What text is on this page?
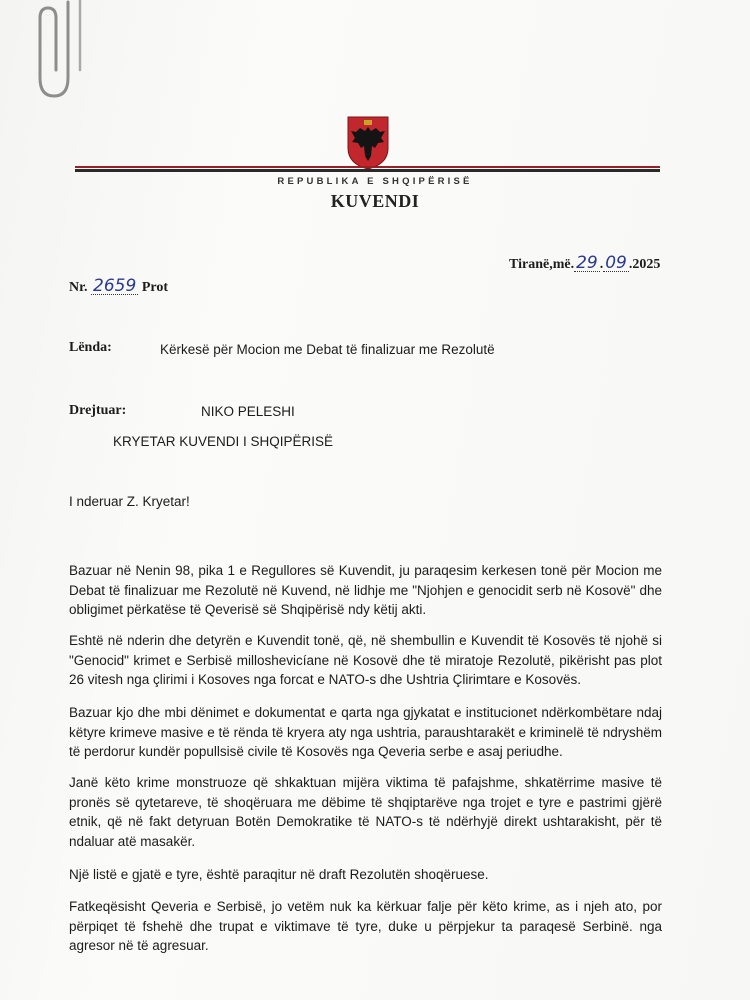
REPUBLIKA E SHQIPËRISË
KUVENDI
Tiranë,më. 29 . 09 .2025
Nr. 2659 Prot
Lënda:	Kërkesë për Mocion me Debat të finalizuar me Rezolutë
Drejtuar:	NIKO PELESHI
KRYETAR KUVENDI I SHQIPËRISË
I nderuar Z. Kryetar!

Bazuar në Nenin 98, pika 1 e Regullores së Kuvendit, ju paraqesim kerkesen tonë për Mocion me Debat të finalizuar me Rezolutë në Kuvend, në lidhje me "Njohjen e genocidit serb në Kosovë" dhe obligimet përkatëse të Qeverisë së Shqipërisë ndy këtij akti.

Eshtë në nderin dhe detyrën e Kuvendit tonë, që, në shembullin e Kuvendit të Kosovës të njohë si "Genocid" krimet e Serbisë milloshevicíane në Kosovë dhe të miratoje Rezolutë, pikërisht pas plot 26 vitesh nga çlirimi i Kosoves nga forcat e NATO-s dhe Ushtria Çlirimtare e Kosovës.

Bazuar kjo dhe mbi dënimet e dokumentat e qarta nga gjykatat e institucionet ndërkombëtare ndaj këtyre krimeve masive e të rënda të kryera aty nga ushtria, paraushtarakët e kriminelë të ndryshëm të perdorur kundër popullsisë civile të Kosovës nga Qeveria serbe e asaj periudhe.

Janë këto krime monstruoze që shkaktuan mijëra viktima të pafajshme, shkatërrime masive të pronës së qytetareve, të shoqëruara me dëbime të shqiptarëve nga trojet e tyre e pastrimi gjërë etnik, që në fakt detyruan Botën Demokratike të NATO-s të ndërhyjë direkt ushtarakisht, për të ndaluar atë masakër.

Një listë e gjatë e tyre, është paraqitur në draft Rezolutën shoqëruese.

Fatkeqësisht Qeveria e Serbisë, jo vetëm nuk ka kërkuar falje për këto krime, as i njeh ato, por përpiqet të fshehë dhe trupat e viktimave të tyre, duke u përpjekur ta paraqesë Serbinë. nga agresor në të agresuar.
